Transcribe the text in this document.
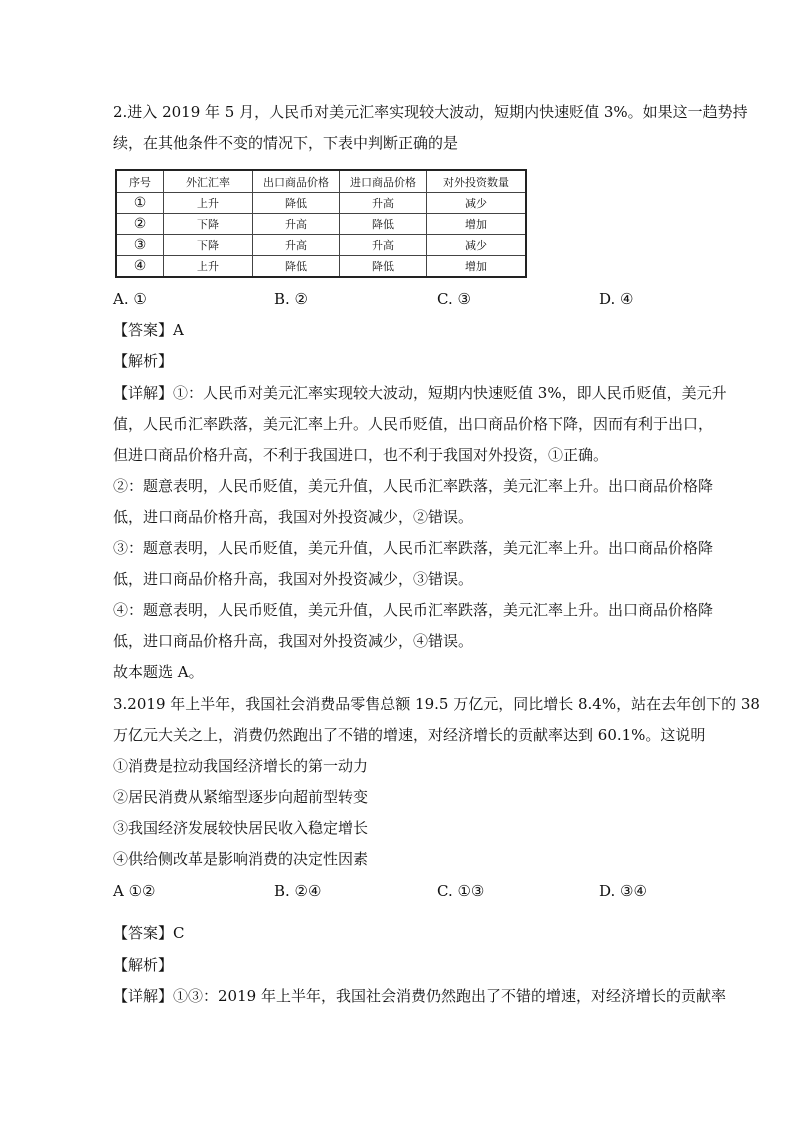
2.进入 2019 年 5 月，人民币对美元汇率实现较大波动，短期内快速贬值 3%。如果这一趋势持
续，在其他条件不变的情况下，下表中判断正确的是
序号	外汇汇率	出口商品价格	进口商品价格	对外投资数量
①	上升	降低	升高	减少
②	下降	升高	降低	增加
③	下降	升高	升高	减少
④	上升	降低	降低	增加
A. ①	B. ②	C. ③	D. ④
【答案】A
【解析】
【详解】①：人民币对美元汇率实现较大波动，短期内快速贬值 3%，即人民币贬值，美元升
值，人民币汇率跌落，美元汇率上升。人民币贬值，出口商品价格下降，因而有利于出口，
但进口商品价格升高，不利于我国进口，也不利于我国对外投资，①正确。
②：题意表明，人民币贬值，美元升值，人民币汇率跌落，美元汇率上升。出口商品价格降
低，进口商品价格升高，我国对外投资减少，②错误。
③：题意表明，人民币贬值，美元升值，人民币汇率跌落，美元汇率上升。出口商品价格降
低，进口商品价格升高，我国对外投资减少，③错误。
④：题意表明，人民币贬值，美元升值，人民币汇率跌落，美元汇率上升。出口商品价格降
低，进口商品价格升高，我国对外投资减少，④错误。
故本题选 A。
3.2019 年上半年，我国社会消费品零售总额 19.5 万亿元，同比增长 8.4%，站在去年创下的 38
万亿元大关之上，消费仍然跑出了不错的增速，对经济增长的贡献率达到 60.1%。这说明
①消费是拉动我国经济增长的第一动力
②居民消费从紧缩型逐步向超前型转变
③我国经济发展较快居民收入稳定增长
④供给侧改革是影响消费的决定性因素
A ①②	B. ②④	C. ①③	D. ③④
【答案】C
【解析】
【详解】①③：2019 年上半年，我国社会消费仍然跑出了不错的增速，对经济增长的贡献率
